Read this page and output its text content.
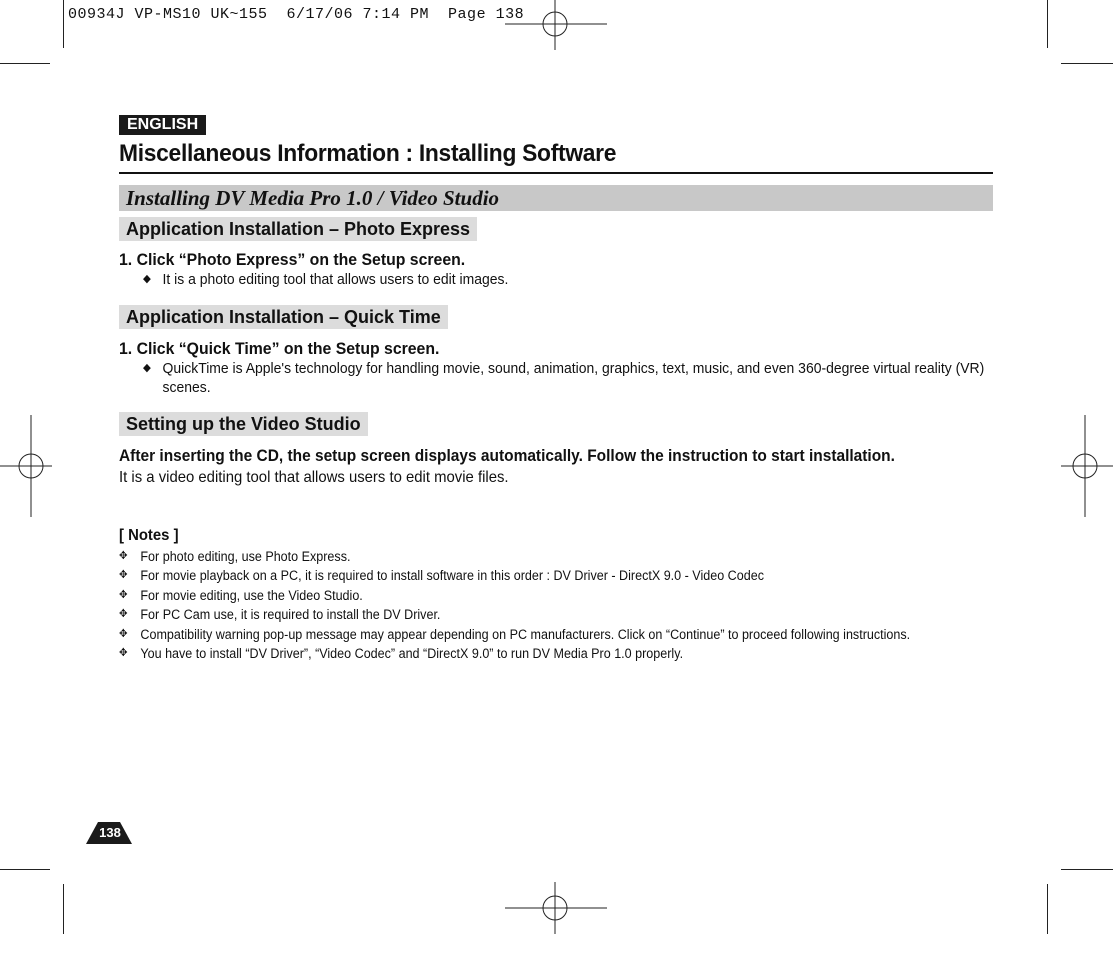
00934J VP-MS10 UK~155  6/17/06 7:14 PM  Page 138
ENGLISH
Miscellaneous Information : Installing Software
Installing DV Media Pro 1.0 / Video Studio
Application Installation – Photo Express
1. Click “Photo Express” on the Setup screen.
◆ It is a photo editing tool that allows users to edit images.
Application Installation – Quick Time
1. Click “Quick Time” on the Setup screen.
◆ QuickTime is Apple's technology for handling movie, sound, animation, graphics, text, music, and even 360-degree virtual reality (VR) scenes.
Setting up the Video Studio
After inserting the CD, the setup screen displays automatically. Follow the instruction to start installation.
It is a video editing tool that allows users to edit movie files.
[ Notes ]
✥ For photo editing, use Photo Express.
✥ For movie playback on a PC, it is required to install software in this order : DV Driver - DirectX 9.0 - Video Codec
✥ For movie editing, use the Video Studio.
✥ For PC Cam use, it is required to install the DV Driver.
✥ Compatibility warning pop-up message may appear depending on PC manufacturers. Click on “Continue” to proceed following instructions.
✥ You have to install “DV Driver”, “Video Codec” and “DirectX 9.0” to run DV Media Pro 1.0 properly.
138
